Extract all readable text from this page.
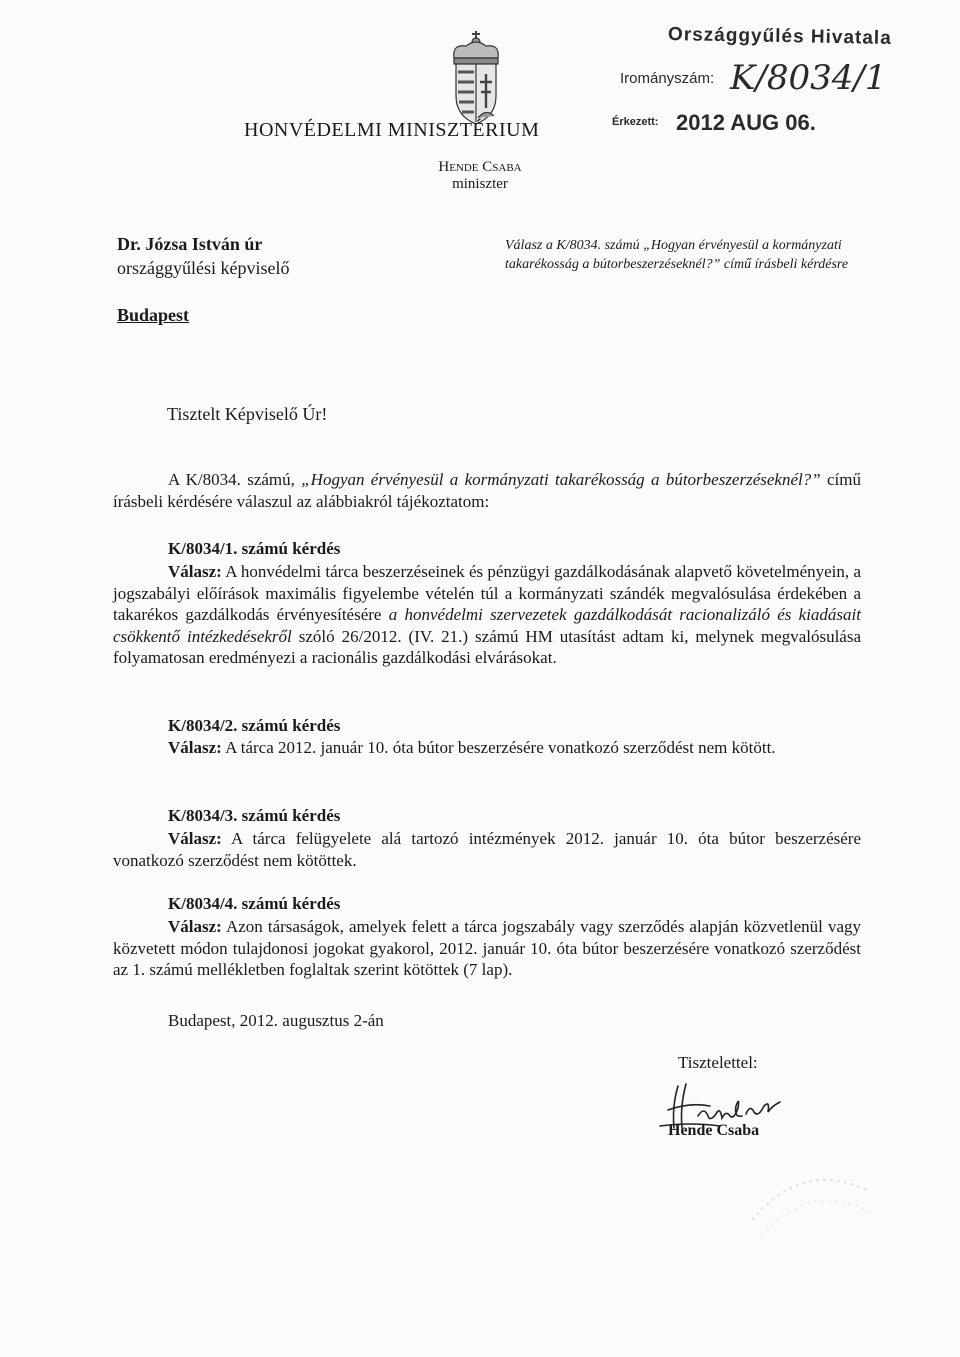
Országgyűlés Hivatala
Irományszám: K/8034/1
Érkezett: 2012 AUG 06.
HONVÉDELMI MINISZTÉRIUM
Hende Csaba
miniszter
Dr. Józsa István úr
országgyűlési képviselő
Budapest
Válasz a K/8034. számú „Hogyan érvényesül a kormányzati takarékosság a bútorbeszerzéseknél?” című írásbeli kérdésre
Tisztelt Képviselő Úr!

A K/8034. számú, „Hogyan érvényesül a kormányzati takarékosság a bútorbeszerzéseknél?” című írásbeli kérdésére válaszul az alábbiakról tájékoztatom:

K/8034/1. számú kérdés

Válasz: A honvédelmi tárca beszerzéseinek és pénzügyi gazdálkodásának alapvető követelményein, a jogszabályi előírások maximális figyelembe vételén túl a kormányzati szándék megvalósulása érdekében a takarékos gazdálkodás érvényesítésére a honvédelmi szervezetek gazdálkodását racionalizáló és kiadásait csökkentő intézkedésekről szóló 26/2012. (IV. 21.) számú HM utasítást adtam ki, melynek megvalósulása folyamatosan eredményezi a racionális gazdálkodási elvárásokat.

K/8034/2. számú kérdés

Válasz: A tárca 2012. január 10. óta bútor beszerzésére vonatkozó szerződést nem kötött.

K/8034/3. számú kérdés

Válasz: A tárca felügyelete alá tartozó intézmények 2012. január 10. óta bútor beszerzésére vonatkozó szerződést nem kötöttek.

K/8034/4. számú kérdés

Válasz: Azon társaságok, amelyek felett a tárca jogszabály vagy szerződés alapján közvetlenül vagy közvetett módon tulajdonosi jogokat gyakorol, 2012. január 10. óta bútor beszerzésére vonatkozó szerződést az 1. számú mellékletben foglaltak szerint kötöttek (7 lap).

Budapest, 2012. augusztus 2-án
Tisztelettel:
Hende Csaba
